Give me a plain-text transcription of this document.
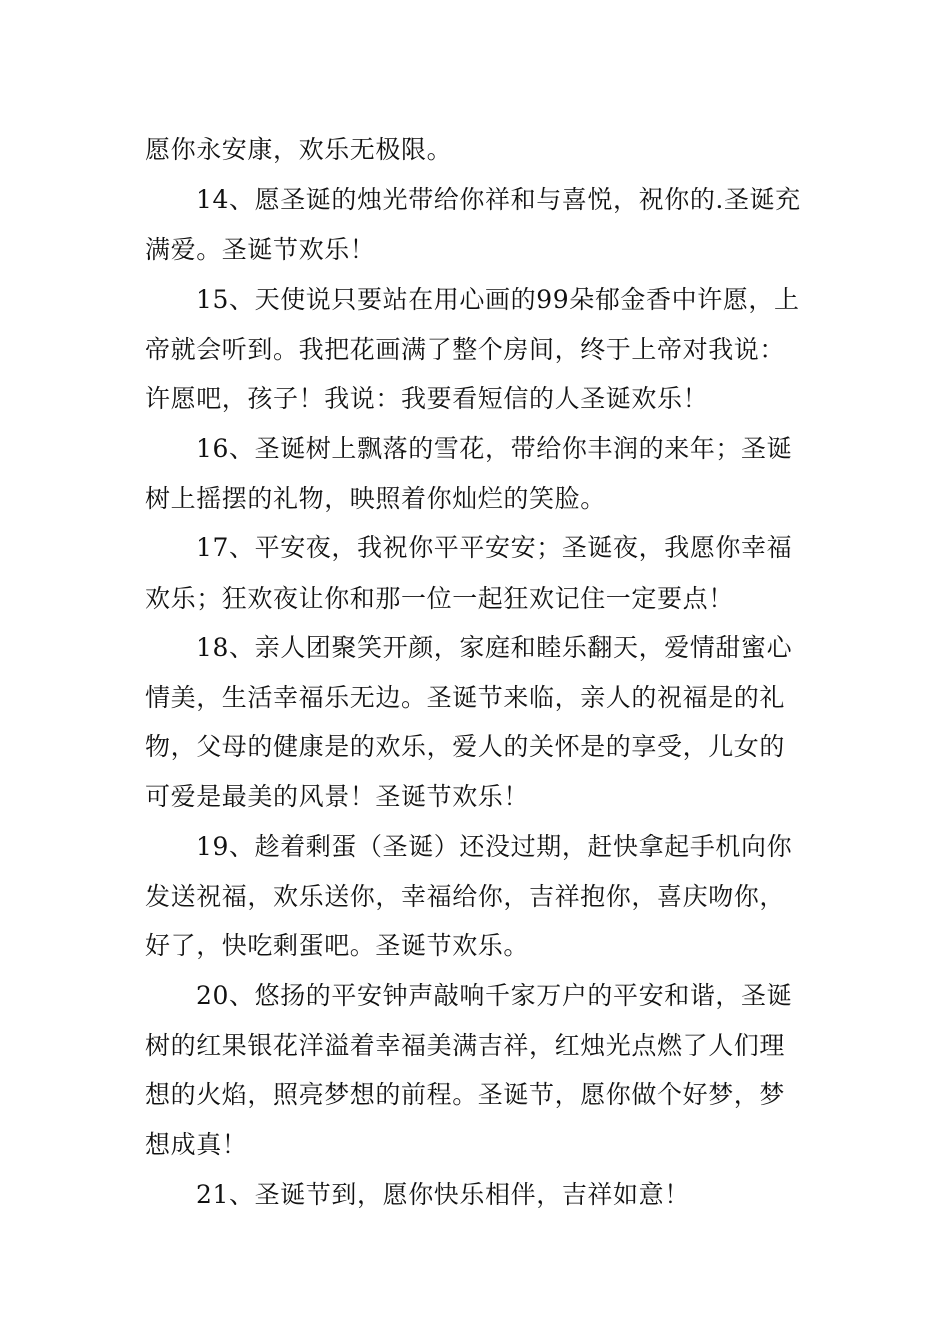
愿你永安康，欢乐无极限。
14、愿圣诞的烛光带给你祥和与喜悦，祝你的.圣诞充
满爱。圣诞节欢乐！
15、天使说只要站在用心画的99朵郁金香中许愿，上
帝就会听到。我把花画满了整个房间，终于上帝对我说：
许愿吧，孩子！我说：我要看短信的人圣诞欢乐！
16、圣诞树上飘落的雪花，带给你丰润的来年；圣诞
树上摇摆的礼物，映照着你灿烂的笑脸。
17、平安夜，我祝你平平安安；圣诞夜，我愿你幸福
欢乐；狂欢夜让你和那一位一起狂欢记住一定要点！
18、亲人团聚笑开颜，家庭和睦乐翻天，爱情甜蜜心
情美，生活幸福乐无边。圣诞节来临，亲人的祝福是的礼
物，父母的健康是的欢乐，爱人的关怀是的享受，儿女的
可爱是最美的风景！圣诞节欢乐！
19、趁着剩蛋（圣诞）还没过期，赶快拿起手机向你
发送祝福，欢乐送你，幸福给你，吉祥抱你，喜庆吻你，
好了，快吃剩蛋吧。圣诞节欢乐。
20、悠扬的平安钟声敲响千家万户的平安和谐，圣诞
树的红果银花洋溢着幸福美满吉祥，红烛光点燃了人们理
想的火焰，照亮梦想的前程。圣诞节，愿你做个好梦，梦
想成真！
21、圣诞节到，愿你快乐相伴，吉祥如意！
